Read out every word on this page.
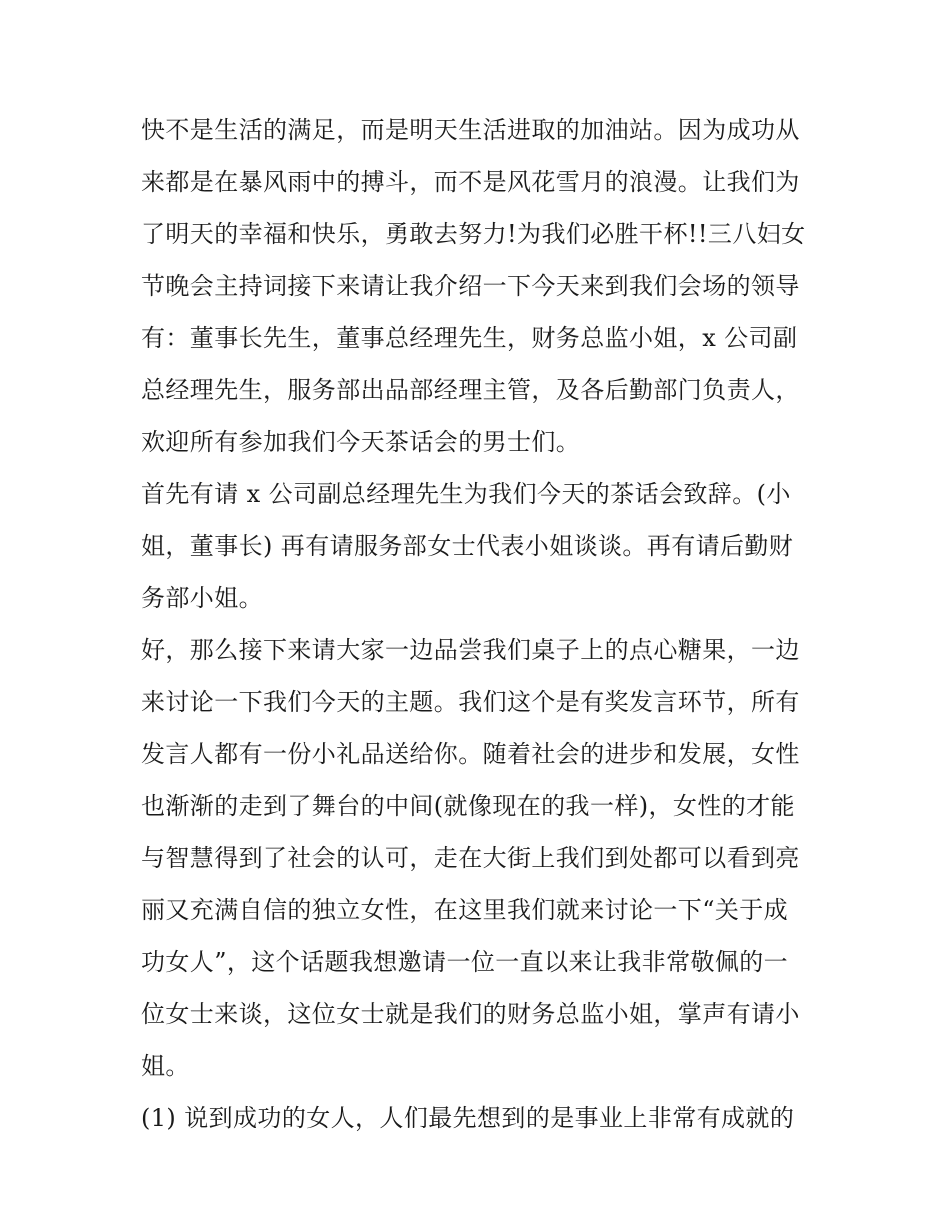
快不是生活的满足，而是明天生活进取的加油站。因为成功从
来都是在暴风雨中的搏斗，而不是风花雪月的浪漫。让我们为
了明天的幸福和快乐，勇敢去努力!为我们必胜干杯!!三八妇女
节晚会主持词接下来请让我介绍一下今天来到我们会场的领导
有：董事长先生，董事总经理先生，财务总监小姐，x 公司副
总经理先生，服务部出品部经理主管，及各后勤部门负责人，
欢迎所有参加我们今天茶话会的男士们。
首先有请 x 公司副总经理先生为我们今天的茶话会致辞。(小
姐，董事长) 再有请服务部女士代表小姐谈谈。再有请后勤财
务部小姐。
好，那么接下来请大家一边品尝我们桌子上的点心糖果，一边
来讨论一下我们今天的主题。我们这个是有奖发言环节，所有
发言人都有一份小礼品送给你。随着社会的进步和发展，女性
也渐渐的走到了舞台的中间(就像现在的我一样)，女性的才能
与智慧得到了社会的认可，走在大街上我们到处都可以看到亮
丽又充满自信的独立女性，在这里我们就来讨论一下“关于成
功女人”，这个话题我想邀请一位一直以来让我非常敬佩的一
位女士来谈，这位女士就是我们的财务总监小姐，掌声有请小
姐。
(1) 说到成功的女人，人们最先想到的是事业上非常有成就的
